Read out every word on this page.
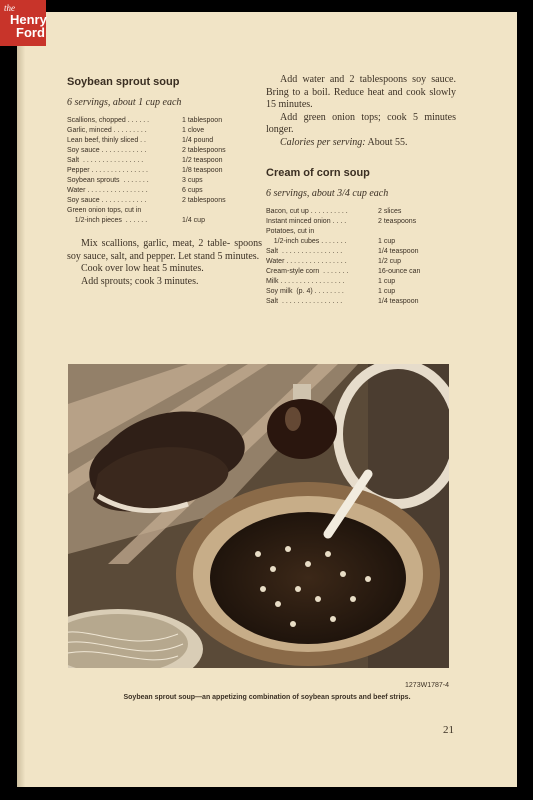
the
Henry
Ford
Soybean sprout soup

6 servings, about 1 cup each

Scallions, chopped . . . . . .	1 tablespoon
Garlic, minced . . . . . . . . .	1 clove
Lean beef, thinly sliced . .	1/4 pound
Soy sauce . . . . . . . . . . . .	2 tablespoons
Salt  . . . . . . . . . . . . . . . .	1/2 teaspoon
Pepper . . . . . . . . . . . . . . .	1/8 teaspoon
Soybean sprouts  . . . . . . .	3 cups
Water . . . . . . . . . . . . . . . .	6 cups
Soy sauce . . . . . . . . . . . .	2 tablespoons
Green onion tops, cut in
1/2-inch pieces  . . . . . .	1/4 cup

Mix scallions, garlic, meat, 2 table- spoons soy sauce, salt, and pepper. Let stand 5 minutes.

Cook over low heat 5 minutes.

Add sprouts; cook 3 minutes.

Add water and 2 tablespoons soy sauce. Bring to a boil. Reduce heat and cook slowly 15 minutes.

Add green onion tops; cook 5 minutes longer.

Calories per serving: About 55.

Cream of corn soup

6 servings, about 3/4 cup each

Bacon, cut up . . . . . . . . . .	2 slices
Instant minced onion . . . .	2 teaspoons
Potatoes, cut in
1/2-inch cubes . . . . . . .	1 cup
Salt  . . . . . . . . . . . . . . . .	1/4 teaspoon
Water . . . . . . . . . . . . . . . .	1/2 cup
Cream-style corn  . . . . . . .	16-ounce can
Milk . . . . . . . . . . . . . . . . .	1 cup
Soy milk  (p. 4) . . . . . . . .	1 cup
Salt  . . . . . . . . . . . . . . . .	1/4 teaspoon
1273W1787-4
Soybean sprout soup—an appetizing combination of soybean sprouts and beef strips.
21
